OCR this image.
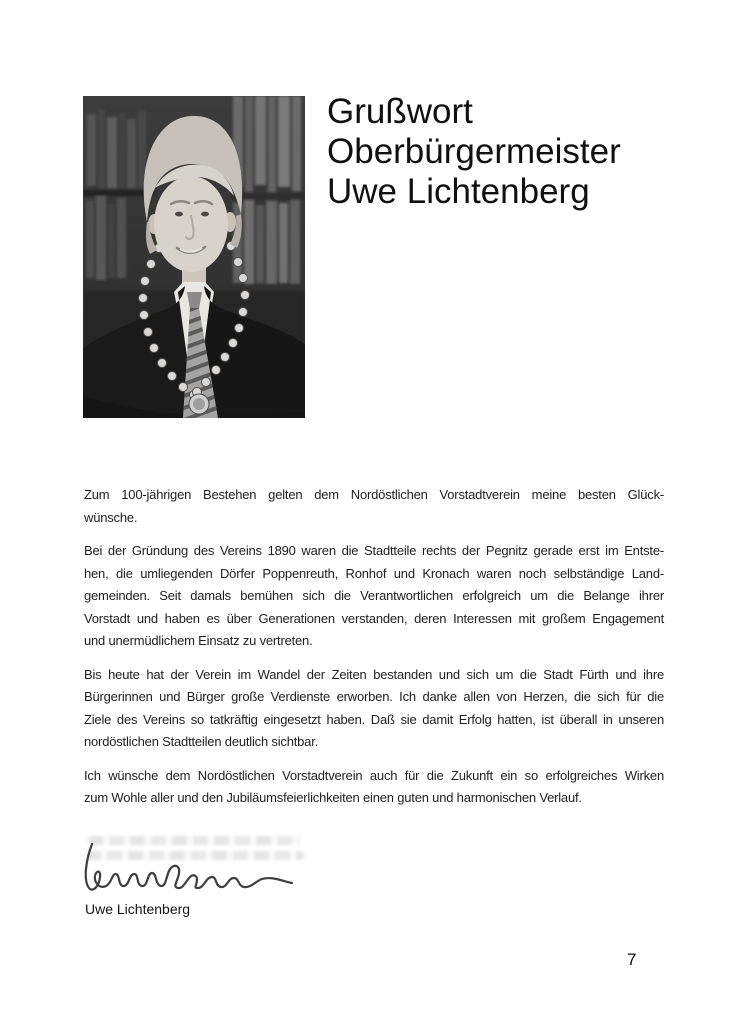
Grußwort
Oberbürgermeister
Uwe Lichtenberg
Zum 100-jährigen Bestehen gelten dem Nordöstlichen Vorstadtverein meine besten Glück-
wünsche.
Bei der Gründung des Vereins 1890 waren die Stadtteile rechts der Pegnitz gerade erst im Entste-
hen, die umliegenden Dörfer Poppenreuth, Ronhof und Kronach waren noch selbständige Land-
gemeinden. Seit damals bemühen sich die Verantwortlichen erfolgreich um die Belange ihrer
Vorstadt und haben es über Generationen verstanden, deren Interessen mit großem Engagement
und unermüdlichem Einsatz zu vertreten.
Bis heute hat der Verein im Wandel der Zeiten bestanden und sich um die Stadt Fürth und ihre
Bürgerinnen und Bürger große Verdienste erworben. Ich danke allen von Herzen, die sich für die
Ziele des Vereins so tatkräftig eingesetzt haben. Daß sie damit Erfolg hatten, ist überall in unseren
nordöstlichen Stadtteilen deutlich sichtbar.
Ich wünsche dem Nordöstlichen Vorstadtverein auch für die Zukunft ein so erfolgreiches Wirken
zum Wohle aller und den Jubiläumsfeierlichkeiten einen guten und harmonischen Verlauf.
Uwe Lichtenberg
7
